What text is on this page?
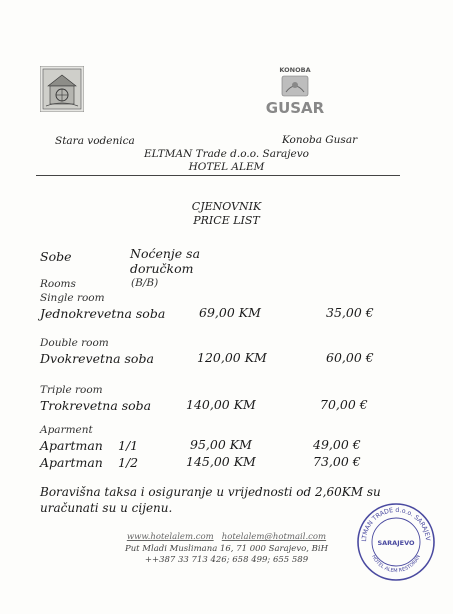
KONOBA
GUSAR
Stara vodenica	Konoba Gusar
ELTMAN Trade d.o.o. Sarajevo
HOTEL ALEM
CJENOVNIK
PRICE LIST
Sobe	Noćenje sa
doručkom
Rooms	(B/B)
Single room
Jednokrevetna soba	69,00 KM	35,00 €
Double room
Dvokrevetna soba	120,00 KM	60,00 €
Triple room
Trokrevetna soba	140,00 KM	70,00 €
Aparment
Apartman 1/1	95,00 KM	49,00 €
Apartman 1/2	145,00 KM	73,00 €
Boravišna taksa i osiguranje u vrijednosti od 2,60KM su
uračunati su u cijenu.
www.hotelalem.com hotelalem@hotmail.com
Put Mladi Muslimana 16, 71 000 Sarajevo, BiH
++387 33 713 426; 658 499; 655 589
LTMAN TRADE d.o.o. SARAJEV
SARAJEVO
HOTEL ALEM RESTORAN
